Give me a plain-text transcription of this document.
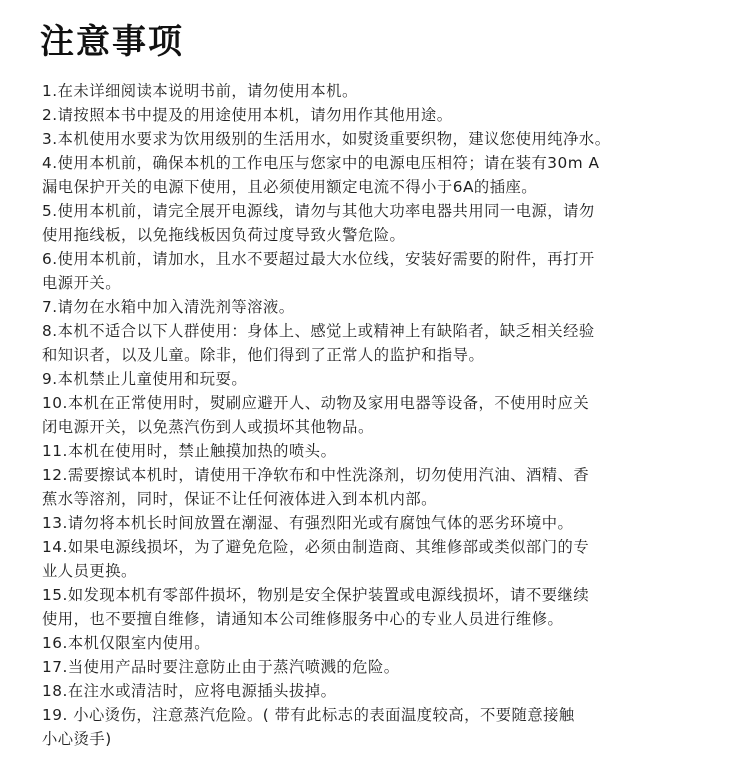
注意事项

1.在未详细阅读本说明书前，请勿使用本机。

2.请按照本书中提及的用途使用本机，请勿用作其他用途。

3.本机使用水要求为饮用级别的生活用水，如熨烫重要织物，建议您使用纯净水。

4.使用本机前，确保本机的工作电压与您家中的电源电压相符；请在装有30m A

漏电保护开关的电源下使用，且必须使用额定电流不得小于6A的插座。

5.使用本机前，请完全展开电源线，请勿与其他大功率电器共用同一电源，请勿

使用拖线板，以免拖线板因负荷过度导致火警危险。

6.使用本机前，请加水，且水不要超过最大水位线，安装好需要的附件，再打开

电源开关。

7.请勿在水箱中加入清洗剂等溶液。

8.本机不适合以下人群使用：身体上、感觉上或精神上有缺陷者，缺乏相关经验

和知识者，以及儿童。除非，他们得到了正常人的监护和指导。

9.本机禁止儿童使用和玩耍。

10.本机在正常使用时，熨刷应避开人、动物及家用电器等设备，不使用时应关

闭电源开关，以免蒸汽伤到人或损坏其他物品。

11.本机在使用时，禁止触摸加热的喷头。

12.需要擦试本机时，请使用干净软布和中性洗涤剂，切勿使用汽油、酒精、香

蕉水等溶剂，同时，保证不让任何液体进入到本机内部。

13.请勿将本机长时间放置在潮湿、有强烈阳光或有腐蚀气体的恶劣环境中。

14.如果电源线损坏，为了避免危险，必须由制造商、其维修部或类似部门的专

业人员更换。

15.如发现本机有零部件损坏，物别是安全保护装置或电源线损坏，请不要继续

使用，也不要擅自维修，请通知本公司维修服务中心的专业人员进行维修。

16.本机仅限室内使用。

17.当使用产品时要注意防止由于蒸汽喷溅的危险。

18.在注水或清洁时，应将电源插头拔掉。

19. 小心烫伤，注意蒸汽危险。( 带有此标志的表面温度较高，不要随意接触

小心烫手)
